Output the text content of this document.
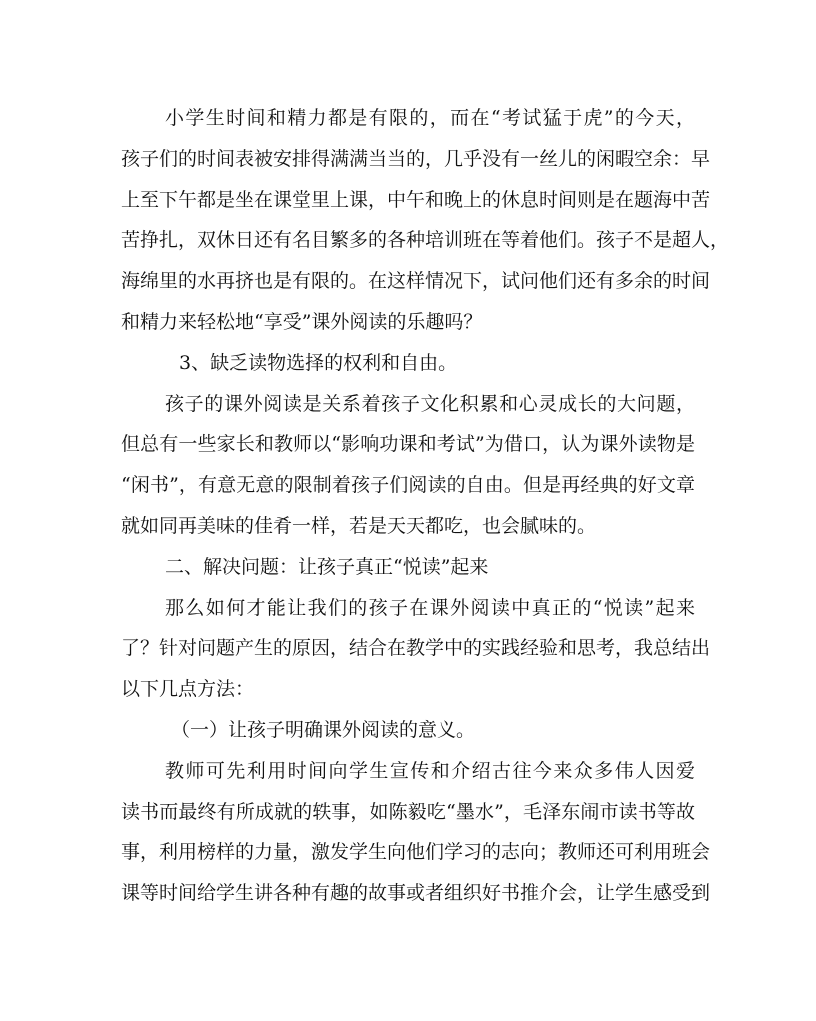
小学生时间和精力都是有限的，而在“考试猛于虎”的今天，
孩子们的时间表被安排得满满当当的，几乎没有一丝儿的闲暇空余：早
上至下午都是坐在课堂里上课，中午和晚上的休息时间则是在题海中苦
苦挣扎，双休日还有名目繁多的各种培训班在等着他们。孩子不是超人，
海绵里的水再挤也是有限的。在这样情况下，试问他们还有多余的时间
和精力来轻松地“享受”课外阅读的乐趣吗？
3、缺乏读物选择的权利和自由。
孩子的课外阅读是关系着孩子文化积累和心灵成长的大问题，
但总有一些家长和教师以“影响功课和考试”为借口，认为课外读物是
“闲书”，有意无意的限制着孩子们阅读的自由。但是再经典的好文章
就如同再美味的佳肴一样，若是天天都吃，也会腻味的。
二、解决问题：让孩子真正“悦读”起来
那么如何才能让我们的孩子在课外阅读中真正的“悦读”起来
了？针对问题产生的原因，结合在教学中的实践经验和思考，我总结出
以下几点方法：
（一）让孩子明确课外阅读的意义。
教师可先利用时间向学生宣传和介绍古往今来众多伟人因爱
读书而最终有所成就的轶事，如陈毅吃“墨水”，毛泽东闹市读书等故
事，利用榜样的力量，激发学生向他们学习的志向；教师还可利用班会
课等时间给学生讲各种有趣的故事或者组织好书推介会，让学生感受到
